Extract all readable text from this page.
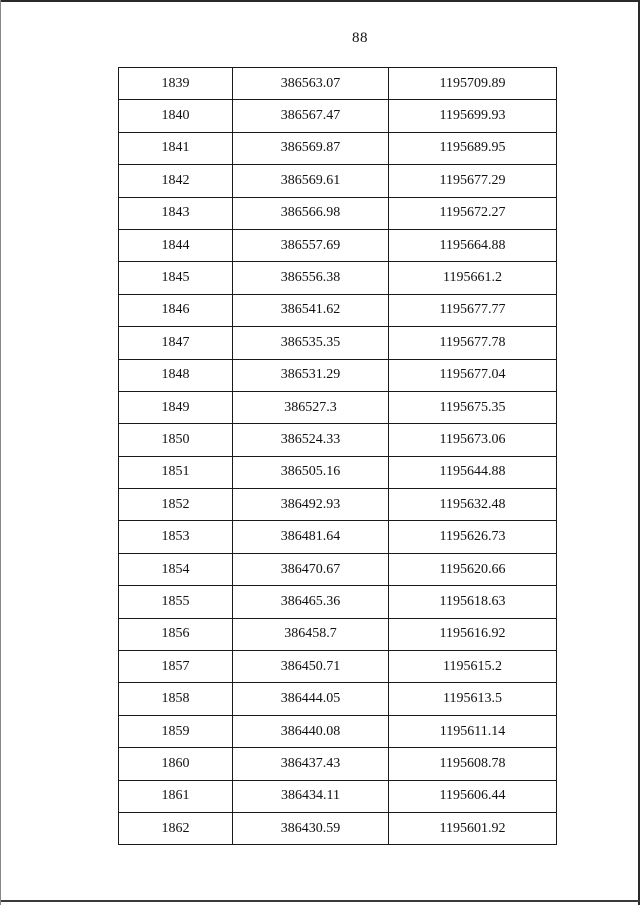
88
1839	386563.07	1195709.89
1840	386567.47	1195699.93
1841	386569.87	1195689.95
1842	386569.61	1195677.29
1843	386566.98	1195672.27
1844	386557.69	1195664.88
1845	386556.38	1195661.2
1846	386541.62	1195677.77
1847	386535.35	1195677.78
1848	386531.29	1195677.04
1849	386527.3	1195675.35
1850	386524.33	1195673.06
1851	386505.16	1195644.88
1852	386492.93	1195632.48
1853	386481.64	1195626.73
1854	386470.67	1195620.66
1855	386465.36	1195618.63
1856	386458.7	1195616.92
1857	386450.71	1195615.2
1858	386444.05	1195613.5
1859	386440.08	1195611.14
1860	386437.43	1195608.78
1861	386434.11	1195606.44
1862	386430.59	1195601.92
